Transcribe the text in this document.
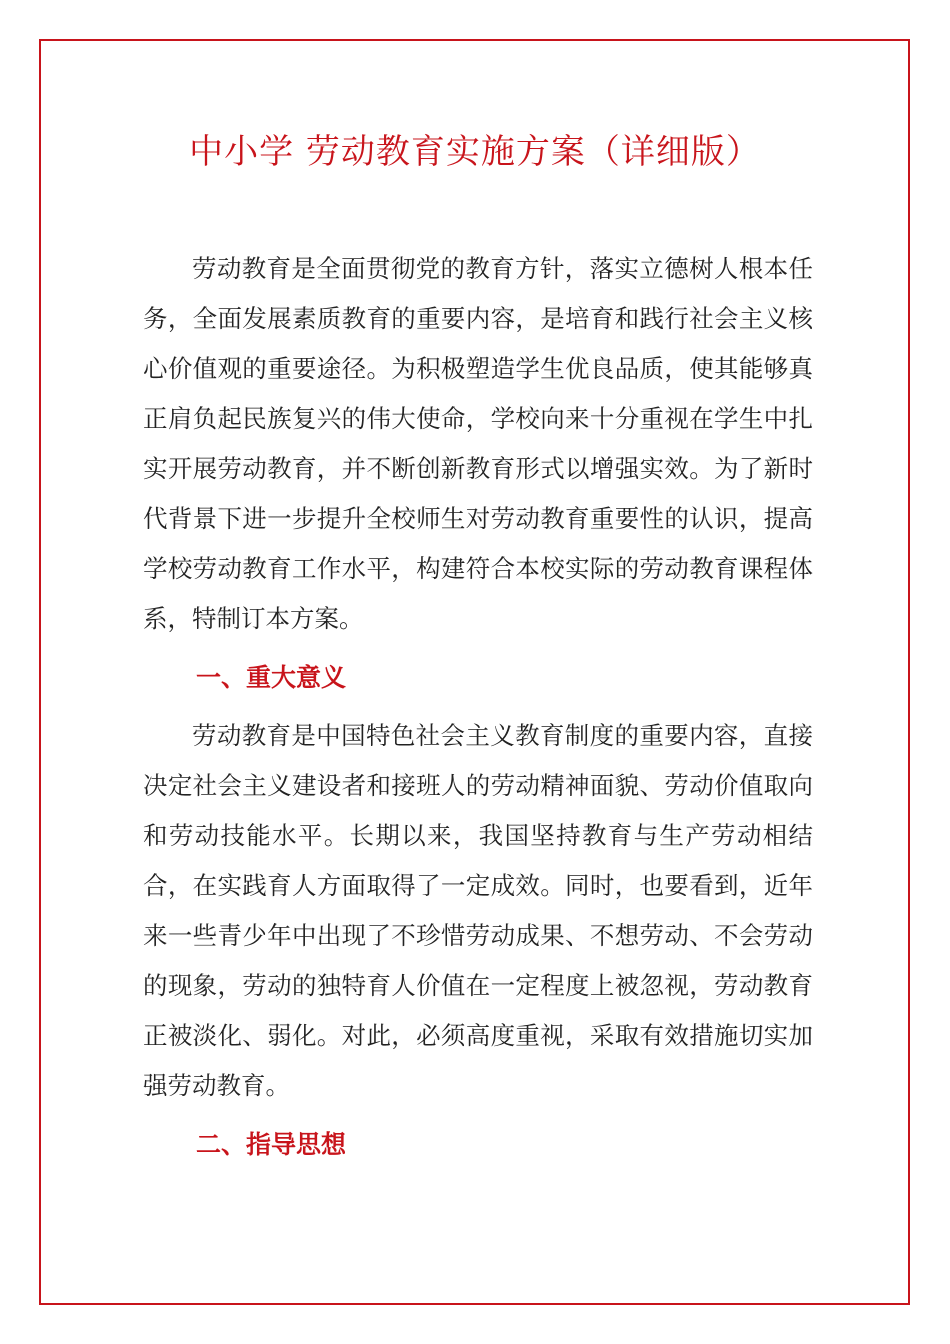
中小学 劳动教育实施方案（详细版）

劳动教育是全面贯彻党的教育方针，落实立德树人根本任务，全面发展素质教育的重要内容，是培育和践行社会主义核心价值观的重要途径。为积极塑造学生优良品质，使其能够真正肩负起民族复兴的伟大使命，学校向来十分重视在学生中扎实开展劳动教育，并不断创新教育形式以增强实效。为了新时代背景下进一步提升全校师生对劳动教育重要性的认识，提高学校劳动教育工作水平，构建符合本校实际的劳动教育课程体系，特制订本方案。

一、重大意义

劳动教育是中国特色社会主义教育制度的重要内容，直接决定社会主义建设者和接班人的劳动精神面貌、劳动价值取向和劳动技能水平。长期以来，我国坚持教育与生产劳动相结合，在实践育人方面取得了一定成效。同时，也要看到，近年来一些青少年中出现了不珍惜劳动成果、不想劳动、不会劳动的现象，劳动的独特育人价值在一定程度上被忽视，劳动教育正被淡化、弱化。对此，必须高度重视，采取有效措施切实加强劳动教育。

二、指导思想
